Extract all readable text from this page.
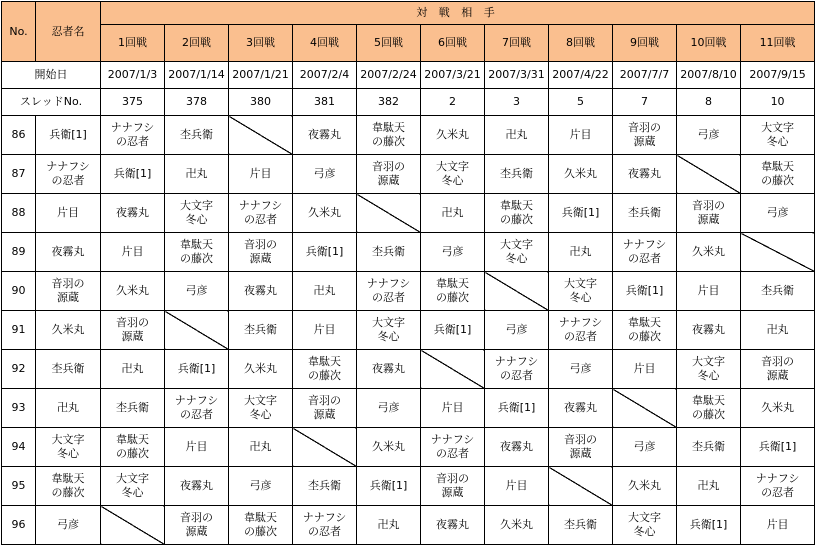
No.	忍者名	対 戦 相 手										
		1回戦	2回戦	3回戦	4回戦	5回戦	6回戦	7回戦	8回戦	9回戦	10回戦	11回戦
開始日		2007/1/3	2007/1/14	2007/1/21	2007/2/4	2007/2/24	2007/3/21	2007/3/31	2007/4/22	2007/7/7	2007/8/10	2007/9/15
スレッドNo.		375	378	380	381	382	2	3	5	7	8	10
86	兵衛[1]	ナナフシ
の忍者	杢兵衛		夜霧丸	韋駄天
の藤次	久米丸	卍丸	片目	音羽の
源蔵	弓彦	大文字
冬心
87	ナナフシ
の忍者	兵衛[1]	卍丸	片目	弓彦	音羽の
源蔵	大文字
冬心	杢兵衛	久米丸	夜霧丸		韋駄天
の藤次
88	片目	夜霧丸	大文字
冬心	ナナフシ
の忍者	久米丸		卍丸	韋駄天
の藤次	兵衛[1]	杢兵衛	音羽の
源蔵	弓彦
89	夜霧丸	片目	韋駄天
の藤次	音羽の
源蔵	兵衛[1]	杢兵衛	弓彦	大文字
冬心	卍丸	ナナフシ
の忍者	久米丸	
90	音羽の
源蔵	久米丸	弓彦	夜霧丸	卍丸	ナナフシ
の忍者	韋駄天
の藤次		大文字
冬心	兵衛[1]	片目	杢兵衛
91	久米丸	音羽の
源蔵		杢兵衛	片目	大文字
冬心	兵衛[1]	弓彦	ナナフシ
の忍者	韋駄天
の藤次	夜霧丸	卍丸
92	杢兵衛	卍丸	兵衛[1]	久米丸	韋駄天
の藤次	夜霧丸		ナナフシ
の忍者	弓彦	片目	大文字
冬心	音羽の
源蔵
93	卍丸	杢兵衛	ナナフシ
の忍者	大文字
冬心	音羽の
源蔵	弓彦	片目	兵衛[1]	夜霧丸		韋駄天
の藤次	久米丸
94	大文字
冬心	韋駄天
の藤次	片目	卍丸		久米丸	ナナフシ
の忍者	夜霧丸	音羽の
源蔵	弓彦	杢兵衛	兵衛[1]
95	韋駄天
の藤次	大文字
冬心	夜霧丸	弓彦	杢兵衛	兵衛[1]	音羽の
源蔵	片目		久米丸	卍丸	ナナフシ
の忍者
96	弓彦		音羽の
源蔵	韋駄天
の藤次	ナナフシ
の忍者	卍丸	夜霧丸	久米丸	杢兵衛	大文字
冬心	兵衛[1]	片目
